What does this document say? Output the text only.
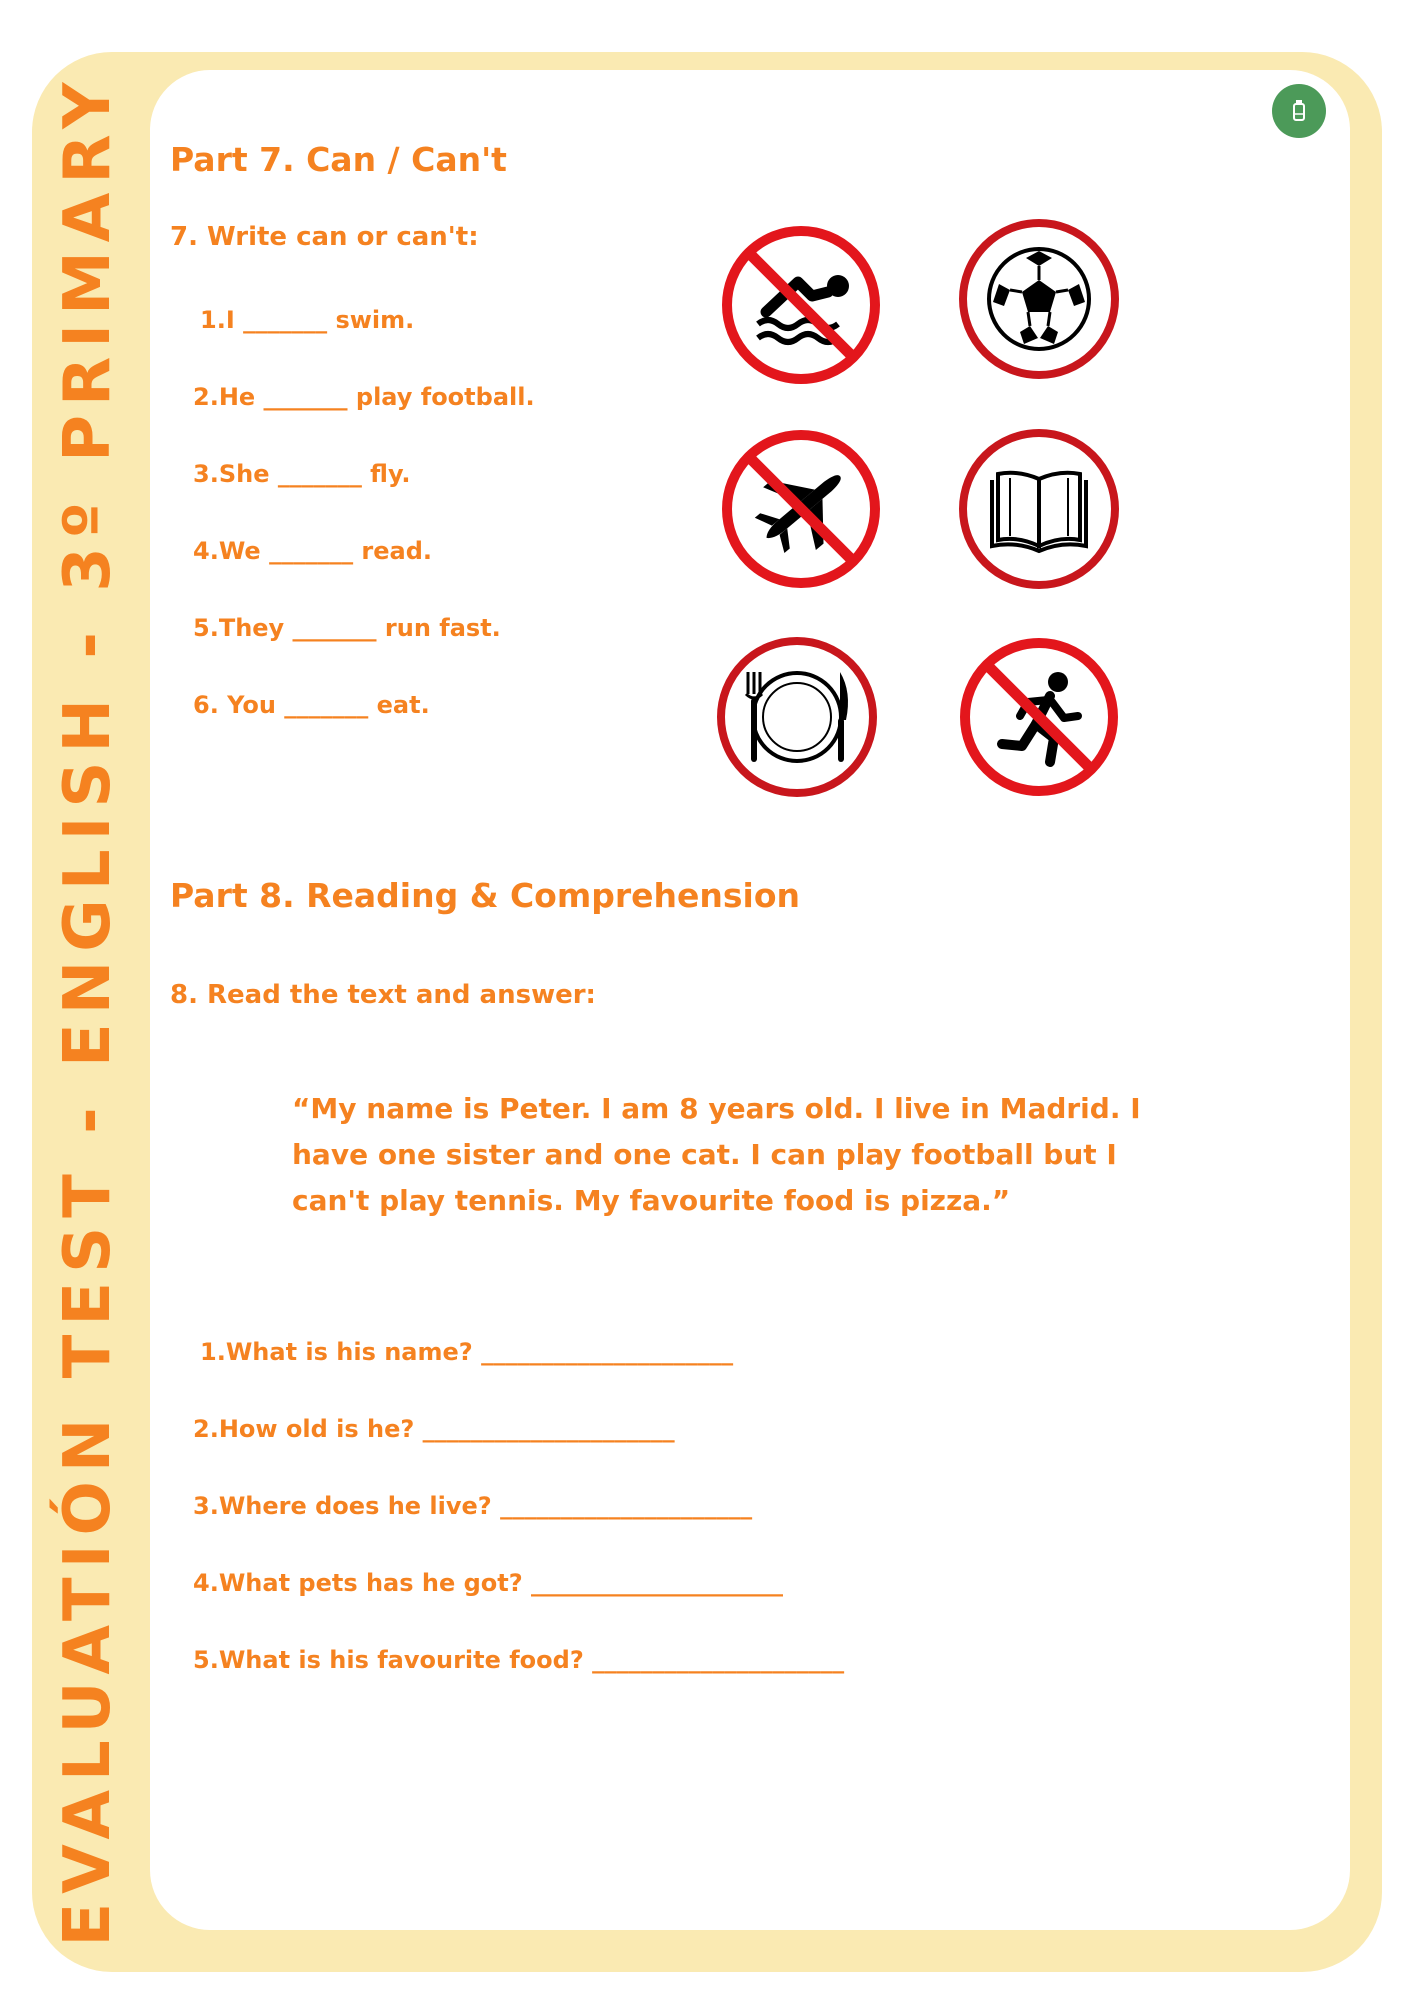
EVALUATIÓN TEST - ENGLISH - 3º PRIMARY Part 7. Can / Can't
7. Write can or can't:
1.I _______ swim.
2.He _______ play football.
3.She _______ fly.
4.We _______ read.
5.They _______ run fast.
6. You _______ eat.
Part 8. Reading & Comprehension
8. Read the text and answer:
“My name is Peter. I am 8 years old. I live in Madrid. I have one sister and one cat. I can play football but I can't play tennis. My favourite food is pizza.”
1.What is his name? _____________________
2.How old is he? _____________________
3.Where does he live? _____________________
4.What pets has he got? _____________________
5.What is his favourite food? _____________________
